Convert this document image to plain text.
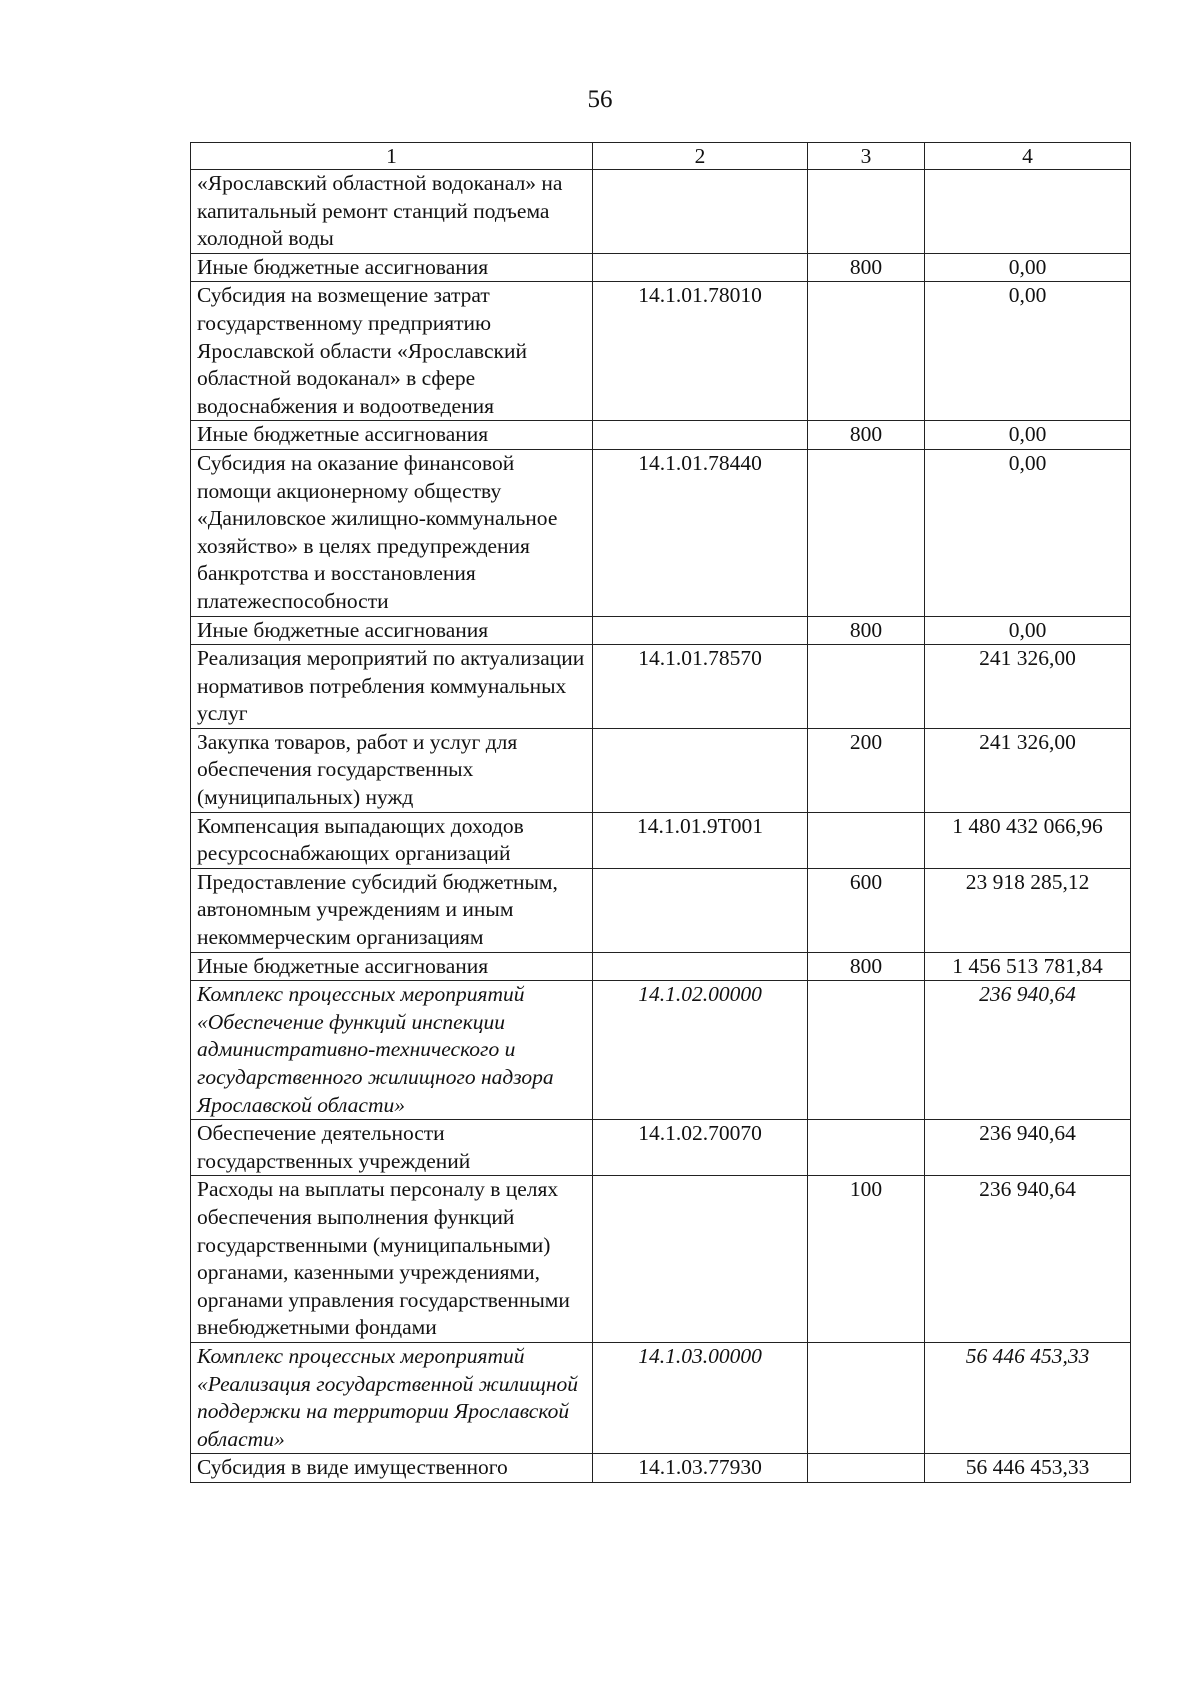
56
1	2	3	4
«Ярославский областной водоканал» на капитальный ремонт станций подъема холодной воды			
Иные бюджетные ассигнования		800	0,00
Субсидия на возмещение затрат государственному предприятию Ярославской области «Ярославский областной водоканал» в сфере водоснабжения и водоотведения	14.1.01.78010		0,00
Иные бюджетные ассигнования		800	0,00
Субсидия на оказание финансовой помощи акционерному обществу «Даниловское жилищно-коммунальное хозяйство» в целях предупреждения банкротства и восстановления платежеспособности	14.1.01.78440		0,00
Иные бюджетные ассигнования		800	0,00
Реализация мероприятий по актуализации нормативов потребления коммунальных услуг	14.1.01.78570		241 326,00
Закупка товаров, работ и услуг для обеспечения государственных (муниципальных) нужд		200	241 326,00
Компенсация выпадающих доходов ресурсоснабжающих организаций	14.1.01.9Т001		1 480 432 066,96
Предоставление субсидий бюджетным, автономным учреждениям и иным некоммерческим организациям		600	23 918 285,12
Иные бюджетные ассигнования		800	1 456 513 781,84
Комплекс процессных мероприятий «Обеспечение функций инспекции административно-технического и государственного жилищного надзора Ярославской области»	14.1.02.00000		236 940,64
Обеспечение деятельности государственных учреждений	14.1.02.70070		236 940,64
Расходы на выплаты персоналу в целях обеспечения выполнения функций государственными (муниципальными) органами, казенными учреждениями, органами управления государственными внебюджетными фондами		100	236 940,64
Комплекс процессных мероприятий «Реализация государственной жилищной поддержки на территории Ярославской области»	14.1.03.00000		56 446 453,33
Субсидия в виде имущественного	14.1.03.77930		56 446 453,33
